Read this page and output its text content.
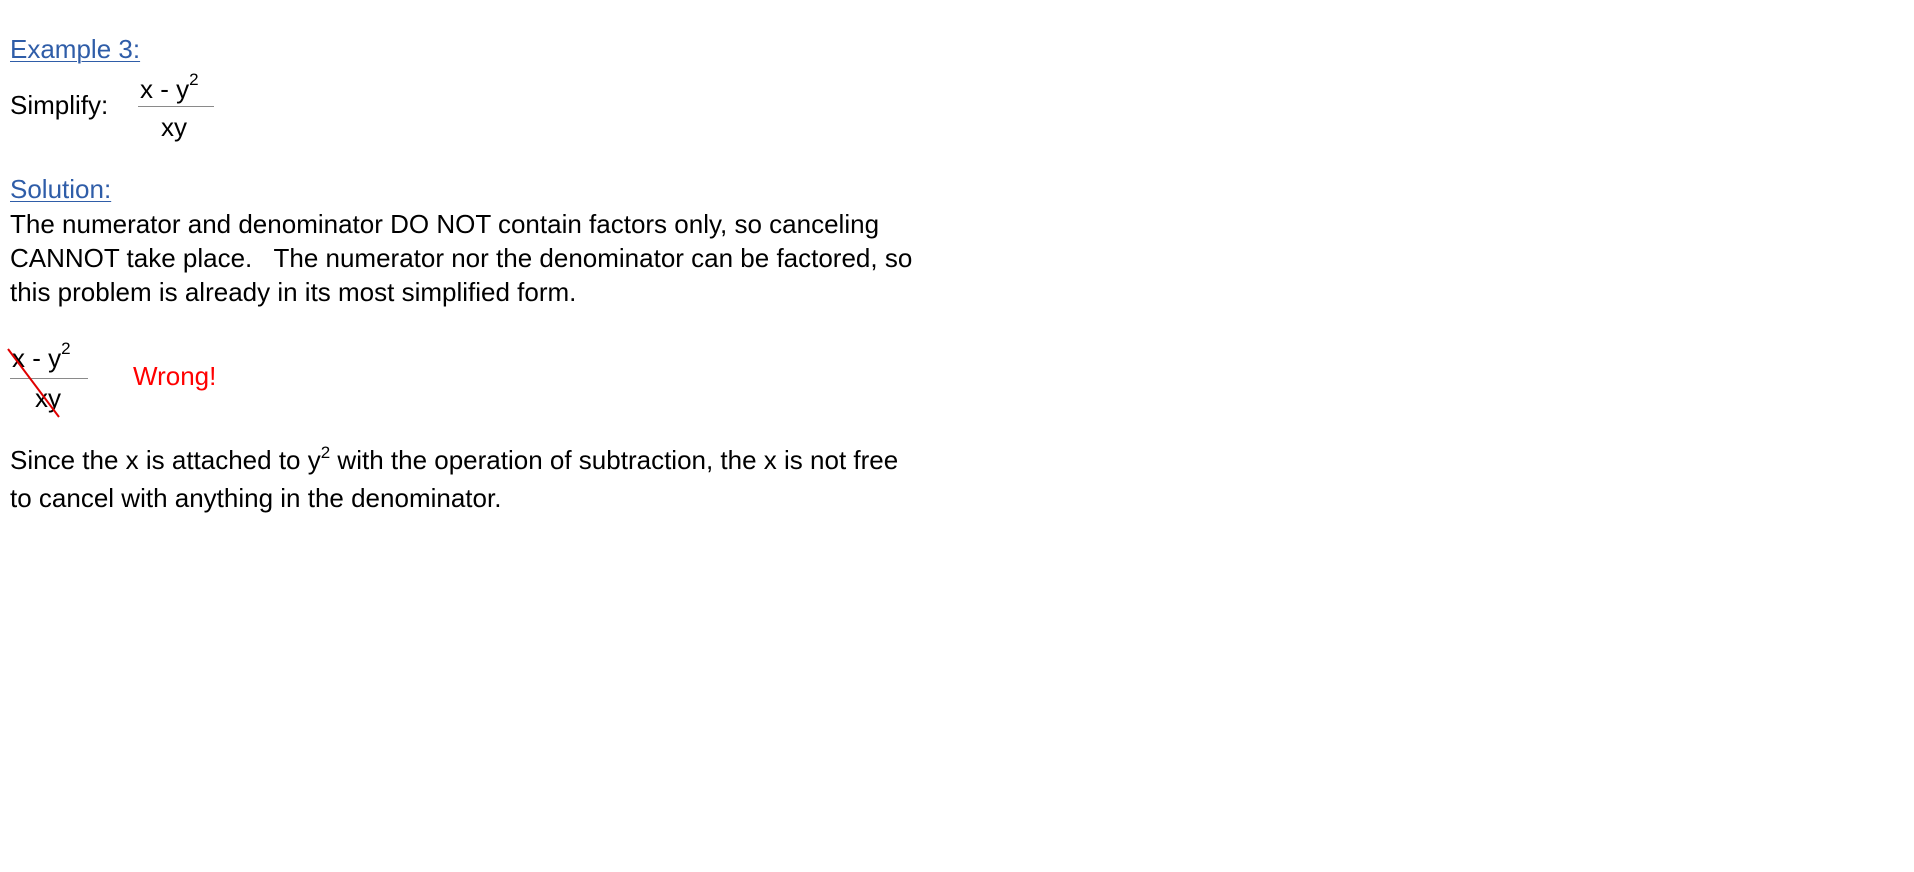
Example 3:
Simplify:
x - $y^2$
xy
Solution:
The numerator and denominator DO NOT contain factors only, so canceling
CANNOT take place.   The numerator nor the denominator can be factored, so
this problem is already in its most simplified form.
x - $y^2$
xy
Wrong!
Since the x is attached to $y^2$ with the operation of subtraction, the x is not free
to cancel with anything in the denominator.
